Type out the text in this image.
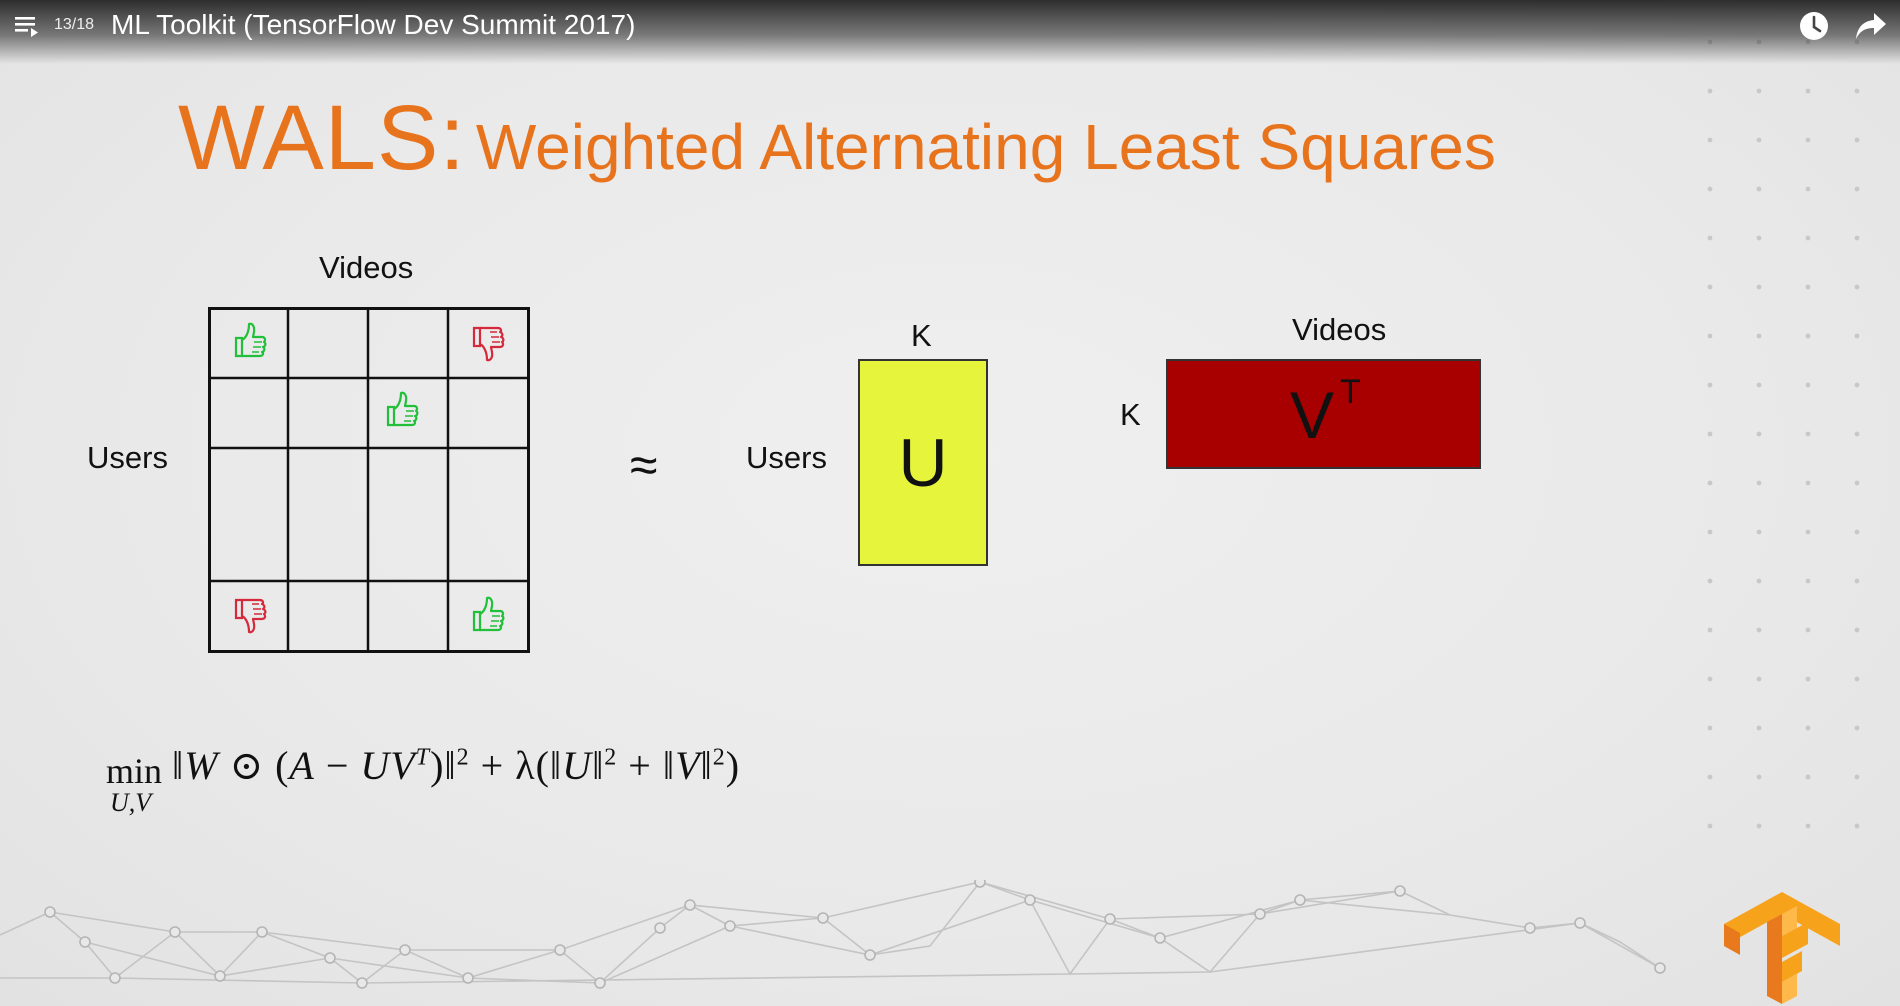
13/18 ML Toolkit (TensorFlow Dev Summit 2017)
WALS: Weighted Alternating Least Squares
Videos
Users	≈
K
Users U
Videos
K V T
min
U,V
‖W ⊙ $(A - UV^T)‖^2$ + λ(‖U‖$^2$ + ‖V‖$^2$)
